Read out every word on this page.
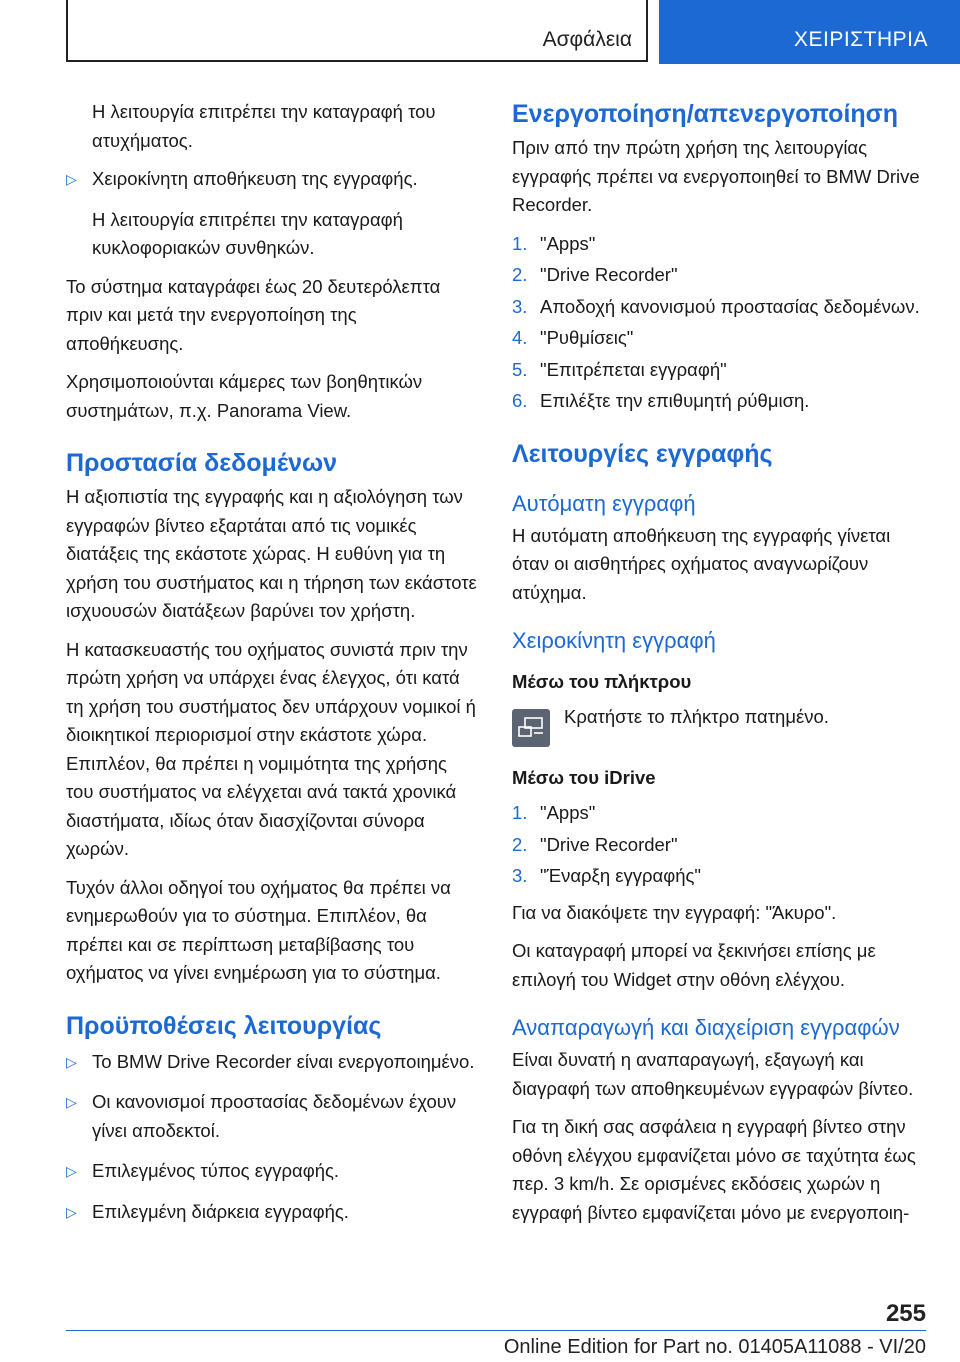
Ασφάλεια	ΧΕΙΡΙΣΤΗΡΙΑ

Η λειτουργία επιτρέπει την καταγραφή του ατυχήματος.

▷ Χειροκίνητη αποθήκευση της εγγραφής.

Η λειτουργία επιτρέπει την καταγραφή κυκλοφοριακών συνθηκών.

Το σύστημα καταγράφει έως 20 δευτερόλεπτα πριν και μετά την ενεργοποίηση της αποθήκευσης.

Χρησιμοποιούνται κάμερες των βοηθητικών συστημάτων, π.χ. Panorama View.

Προστασία δεδομένων

Η αξιοπιστία της εγγραφής και η αξιολόγηση των εγγραφών βίντεο εξαρτάται από τις νομικές διατάξεις της εκάστοτε χώρας. Η ευθύνη για τη χρήση του συστήματος και η τήρηση των εκάστοτε ισχυουσών διατάξεων βαρύνει τον χρήστη.

Η κατασκευαστής του οχήματος συνιστά πριν την πρώτη χρήση να υπάρχει ένας έλεγχος, ότι κατά τη χρήση του συστήματος δεν υπάρχουν νομικοί ή διοικητικοί περιορισμοί στην εκάστοτε χώρα. Επιπλέον, θα πρέπει η νομιμότητα της χρήσης του συστήματος να ελέγχεται ανά τακτά χρονικά διαστήματα, ιδίως όταν διασχίζονται σύνορα χωρών.

Τυχόν άλλοι οδηγοί του οχήματος θα πρέπει να ενημερωθούν για το σύστημα. Επιπλέον, θα πρέπει και σε περίπτωση μεταβίβασης του οχήματος να γίνει ενημέρωση για το σύστημα.

Προϋποθέσεις λειτουργίας

▷ Το BMW Drive Recorder είναι ενεργοποιημένο.

▷ Οι κανονισμοί προστασίας δεδομένων έχουν γίνει αποδεκτοί.

▷ Επιλεγμένος τύπος εγγραφής.

▷ Επιλεγμένη διάρκεια εγγραφής.

Ενεργοποίηση/απενεργοποίηση

Πριν από την πρώτη χρήση της λειτουργίας εγγραφής πρέπει να ενεργοποιηθεί το BMW Drive Recorder.

1. "Apps"
2. "Drive Recorder"
3. Αποδοχή κανονισμού προστασίας δεδομένων.
4. "Ρυθμίσεις"
5. "Επιτρέπεται εγγραφή"
6. Επιλέξτε την επιθυμητή ρύθμιση.
Λειτουργίες εγγραφής
Αυτόματη εγγραφή

Η αυτόματη αποθήκευση της εγγραφής γίνεται όταν οι αισθητήρες οχήματος αναγνωρίζουν ατύχημα.

Χειροκίνητη εγγραφή
Μέσω του πλήκτρου
Κρατήστε το πλήκτρο πατημένο.
Μέσω του iDrive
1. "Apps"
2. "Drive Recorder"
3. "Έναρξη εγγραφής"

Για να διακόψετε την εγγραφή: "Άκυρο".

Οι καταγραφή μπορεί να ξεκινήσει επίσης με επιλογή του Widget στην οθόνη ελέγχου.

Αναπαραγωγή και διαχείριση εγγραφών

Είναι δυνατή η αναπαραγωγή, εξαγωγή και διαγραφή των αποθηκευμένων εγγραφών βίντεο.

Για τη δική σας ασφάλεια η εγγραφή βίντεο στην οθόνη ελέγχου εμφανίζεται μόνο σε ταχύτητα έως περ. 3 km/h. Σε ορισμένες εκδόσεις χωρών η εγγραφή βίντεο εμφανίζεται μόνο με ενεργοποιη-

255
Online Edition for Part no. 01405A11088 - VI/20
